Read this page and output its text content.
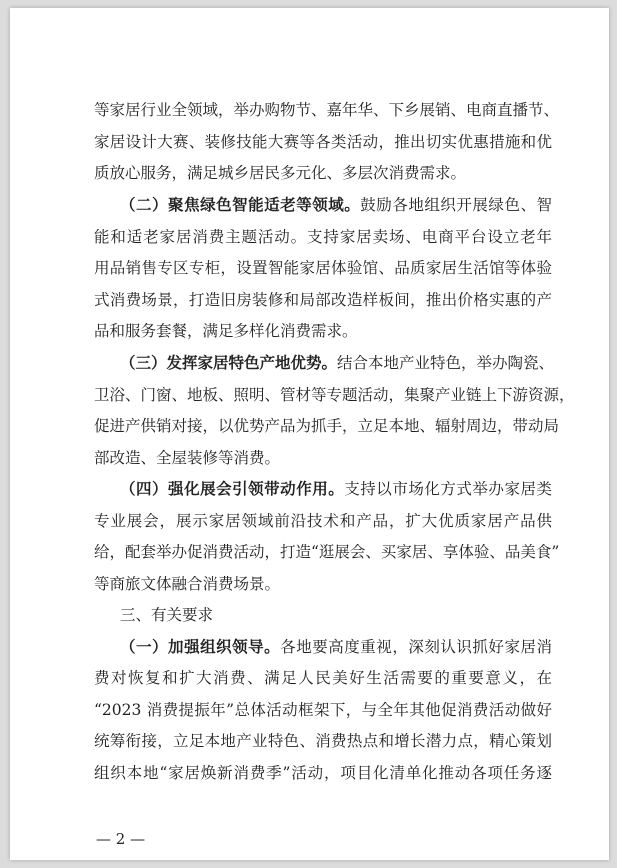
等家居行业全领域，举办购物节、嘉年华、下乡展销、电商直播节、
家居设计大赛、装修技能大赛等各类活动，推出切实优惠措施和优
质放心服务，满足城乡居民多元化、多层次消费需求。
（二）聚焦绿色智能适老等领域。鼓励各地组织开展绿色、智
能和适老家居消费主题活动。支持家居卖场、电商平台设立老年
用品销售专区专柜，设置智能家居体验馆、品质家居生活馆等体验
式消费场景，打造旧房装修和局部改造样板间，推出价格实惠的产
品和服务套餐，满足多样化消费需求。
（三）发挥家居特色产地优势。结合本地产业特色，举办陶瓷、
卫浴、门窗、地板、照明、管材等专题活动，集聚产业链上下游资源，
促进产供销对接，以优势产品为抓手，立足本地、辐射周边，带动局
部改造、全屋装修等消费。
（四）强化展会引领带动作用。支持以市场化方式举办家居类
专业展会，展示家居领域前沿技术和产品，扩大优质家居产品供
给，配套举办促消费活动，打造“逛展会、买家居、享体验、品美食”
等商旅文体融合消费场景。
三、有关要求
（一）加强组织领导。各地要高度重视，深刻认识抓好家居消
费对恢复和扩大消费、满足人民美好生活需要的重要意义，在
“2023 消费提振年”总体活动框架下，与全年其他促消费活动做好
统筹衔接，立足本地产业特色、消费热点和增长潜力点，精心策划
组织本地“家居焕新消费季”活动，项目化清单化推动各项任务逐
— 2 —
